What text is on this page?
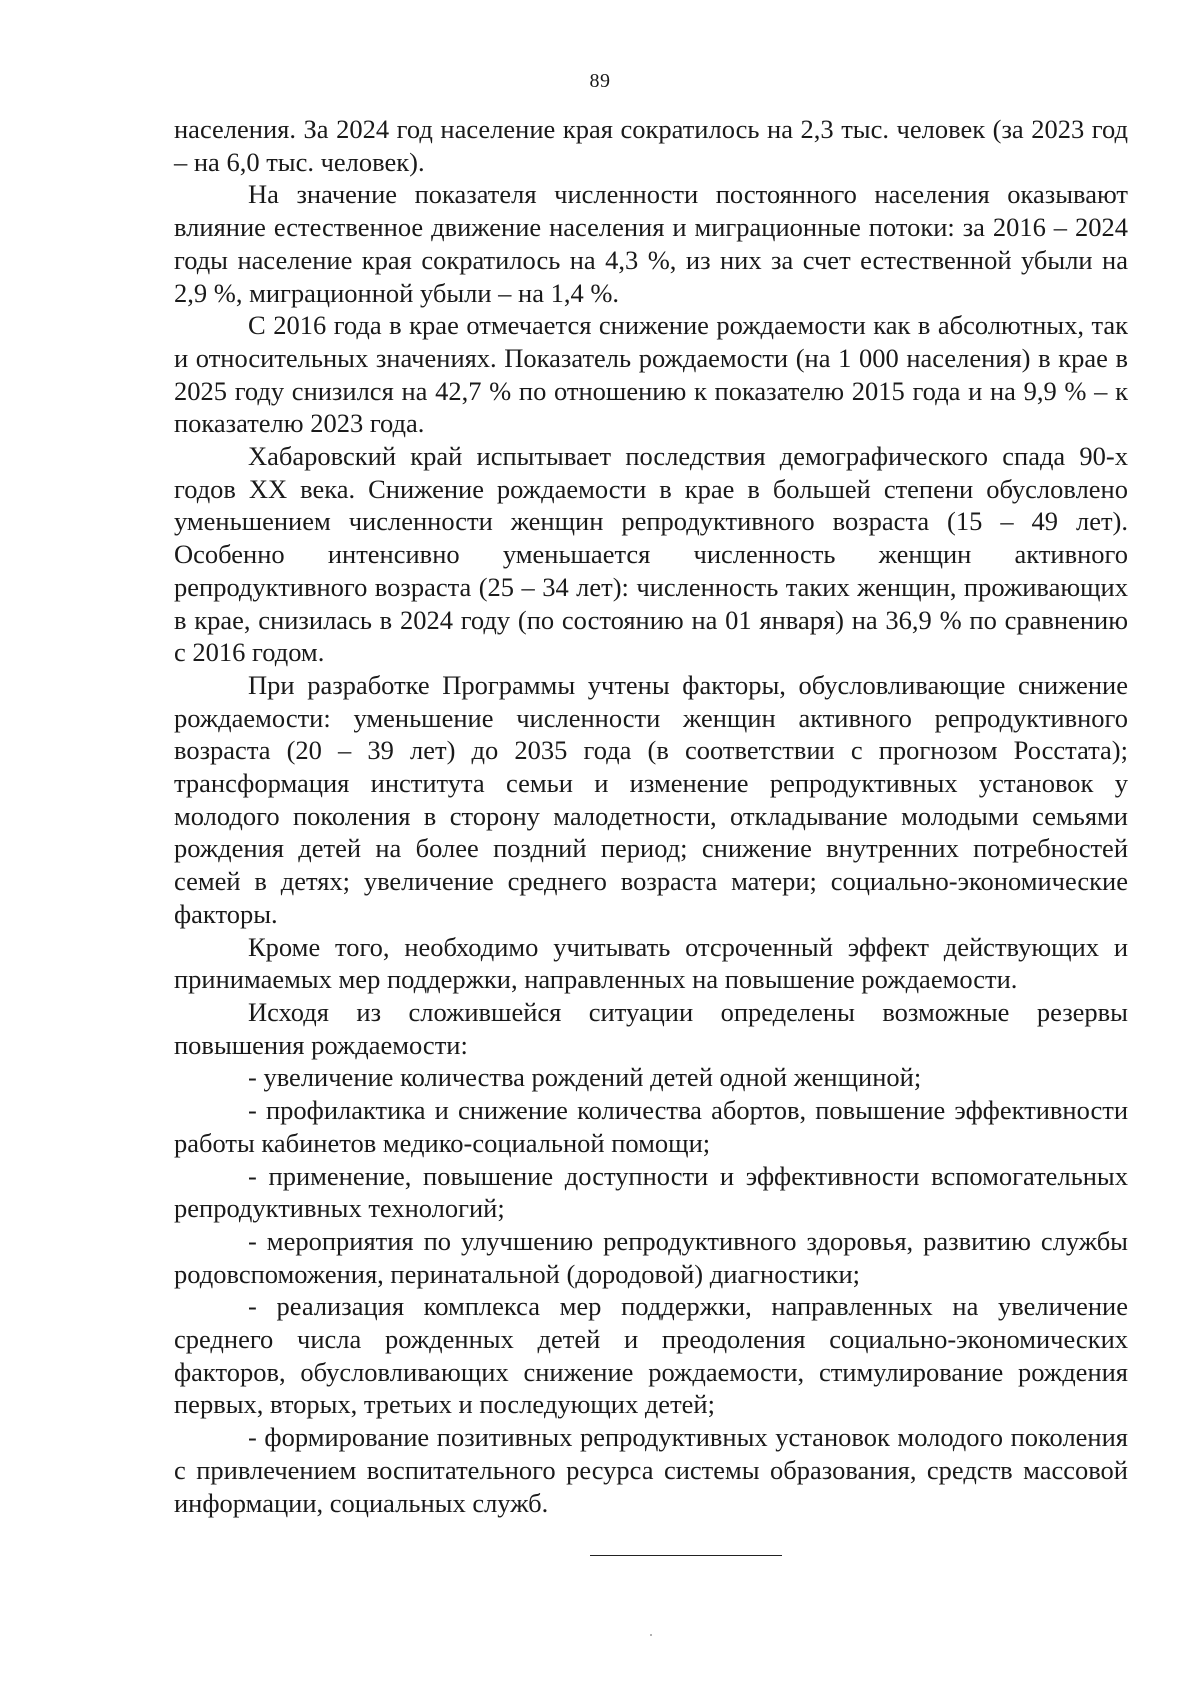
89

населения. За 2024 год население края сократилось на 2,3 тыс. человек (за 2023 год – на 6,0 тыс. человек).

На значение показателя численности постоянного населения оказывают влияние естественное движение населения и миграционные потоки: за 2016 – 2024 годы население края сократилось на 4,3 %, из них за счет естественной убыли на 2,9 %, миграционной убыли – на 1,4 %.

С 2016 года в крае отмечается снижение рождаемости как в абсолютных, так и относительных значениях. Показатель рождаемости (на 1 000 населения) в крае в 2025 году снизился на 42,7 % по отношению к показателю 2015 года и на 9,9 % – к показателю 2023 года.

Хабаровский край испытывает последствия демографического спада 90-х годов XX века. Снижение рождаемости в крае в большей степени обусловлено уменьшением численности женщин репродуктивного возраста (15 – 49 лет). Особенно интенсивно уменьшается численность женщин активного репродуктивного возраста (25 – 34 лет): численность таких женщин, проживающих в крае, снизилась в 2024 году (по состоянию на 01 января) на 36,9 % по сравнению с 2016 годом.

При разработке Программы учтены факторы, обусловливающие снижение рождаемости: уменьшение численности женщин активного репродуктивного возраста (20 – 39 лет) до 2035 года (в соответствии с прогнозом Росстата); трансформация института семьи и изменение репродуктивных установок у молодого поколения в сторону малодетности, откладывание молодыми семьями рождения детей на более поздний период; снижение внутренних потребностей семей в детях; увеличение среднего возраста матери; социально-экономические факторы.

Кроме того, необходимо учитывать отсроченный эффект действующих и принимаемых мер поддержки, направленных на повышение рождаемости.

Исходя из сложившейся ситуации определены возможные резервы повышения рождаемости:

- увеличение количества рождений детей одной женщиной;

- профилактика и снижение количества абортов, повышение эффективности работы кабинетов медико-социальной помощи;

- применение, повышение доступности и эффективности вспомогательных репродуктивных технологий;

- мероприятия по улучшению репродуктивного здоровья, развитию службы родовспоможения, перинатальной (дородовой) диагностики;

- реализация комплекса мер поддержки, направленных на увеличение среднего числа рожденных детей и преодоления социально-экономических факторов, обусловливающих снижение рождаемости, стимулирование рождения первых, вторых, третьих и последующих детей;

- формирование позитивных репродуктивных установок молодого поколения с привлечением воспитательного ресурса системы образования, средств массовой информации, социальных служб.
